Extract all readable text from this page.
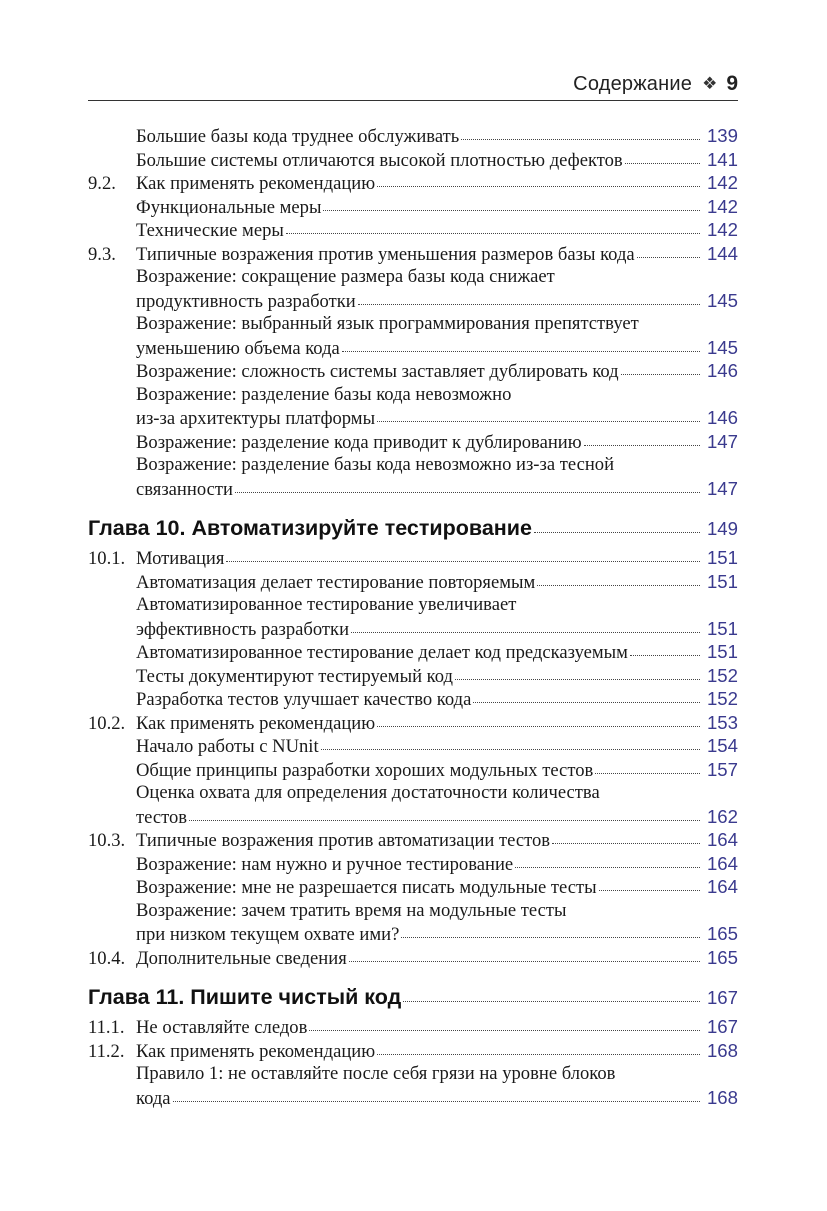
Содержание ❖ 9
Большие базы кода труднее обслуживать	139
Большие системы отличаются высокой плотностью дефектов	141
9.2.	Как применять рекомендацию	142
Функциональные меры	142
Технические меры	142
9.3.	Типичные возражения против уменьшения размеров базы кода	144
Возражение: сокращение размера базы кода снижает
продуктивность разработки	145
Возражение: выбранный язык программирования препятствует
уменьшению объема кода	145
Возражение: сложность системы заставляет дублировать код	146
Возражение: разделение базы кода невозможно
из-за архитектуры платформы	146
Возражение: разделение кода приводит к дублированию	147
Возражение: разделение базы кода невозможно из-за тесной
связанности	147
Глава 10. Автоматизируйте тестирование	149
10.1. Мотивация	151
Автоматизация делает тестирование повторяемым	151
Автоматизированное тестирование увеличивает
эффективность разработки	151
Автоматизированное тестирование делает код предсказуемым	151
Тесты документируют тестируемый код	152
Разработка тестов улучшает качество кода	152
10.2. Как применять рекомендацию	153
Начало работы с NUnit	154
Общие принципы разработки хороших модульных тестов	157
Оценка охвата для определения достаточности количества
тестов	162
10.3. Типичные возражения против автоматизации тестов	164
Возражение: нам нужно и ручное тестирование	164
Возражение: мне не разрешается писать модульные тесты	164
Возражение: зачем тратить время на модульные тесты
при низком текущем охвате ими?	165
10.4. Дополнительные сведения	165
Глава 11. Пишите чистый код	167
11.1. Не оставляйте следов	167
11.2. Как применять рекомендацию	168
Правило 1: не оставляйте после себя грязи на уровне блоков
кода	168
